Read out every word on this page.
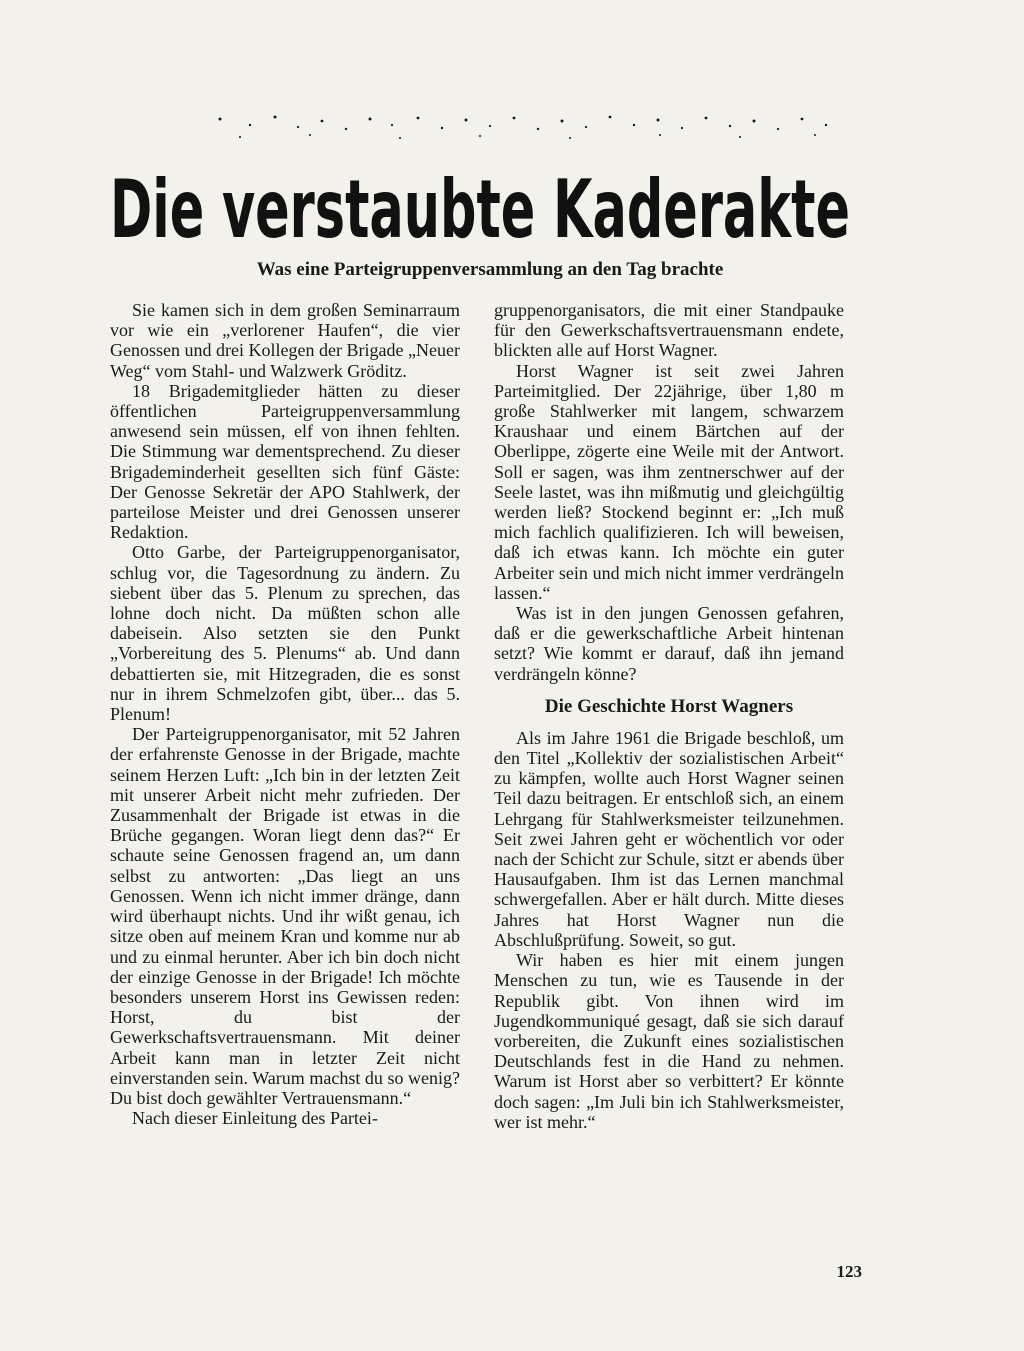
Die verstaubte Kaderakte
Was eine Parteigruppenversammlung an den Tag brachte

Sie kamen sich in dem großen Seminarraum vor wie ein „verlorener Haufen“, die vier Genossen und drei Kollegen der Brigade „Neuer Weg“ vom Stahl- und Walzwerk Gröditz.

18 Brigademitglieder hätten zu dieser öffentlichen Parteigruppenversammlung anwesend sein müssen, elf von ihnen fehlten. Die Stimmung war dementsprechend. Zu dieser Brigademinderheit gesellten sich fünf Gäste: Der Genosse Sekretär der APO Stahlwerk, der parteilose Meister und drei Genossen unserer Redaktion.

Otto Garbe, der Parteigruppenorganisator, schlug vor, die Tagesordnung zu ändern. Zu siebent über das 5. Plenum zu sprechen, das lohne doch nicht. Da müßten schon alle dabeisein. Also setzten sie den Punkt „Vorbereitung des 5. Plenums“ ab. Und dann debattierten sie, mit Hitzegraden, die es sonst nur in ihrem Schmelzofen gibt, über... das 5. Plenum!

Der Parteigruppenorganisator, mit 52 Jahren der erfahrenste Genosse in der Brigade, machte seinem Herzen Luft: „Ich bin in der letzten Zeit mit unserer Arbeit nicht mehr zufrieden. Der Zusammenhalt der Brigade ist etwas in die Brüche gegangen. Woran liegt denn das?“ Er schaute seine Genossen fragend an, um dann selbst zu antworten: „Das liegt an uns Genossen. Wenn ich nicht immer dränge, dann wird überhaupt nichts. Und ihr wißt genau, ich sitze oben auf meinem Kran und komme nur ab und zu einmal herunter. Aber ich bin doch nicht der einzige Genosse in der Brigade! Ich möchte besonders unserem Horst ins Gewissen reden: Horst, du bist der Gewerkschaftsvertrauensmann. Mit deiner Arbeit kann man in letzter Zeit nicht einverstanden sein. Warum machst du so wenig? Du bist doch gewählter Vertrauensmann.“

Nach dieser Einleitung des Partei-

gruppenorganisators, die mit einer Standpauke für den Gewerkschaftsvertrauensmann endete, blickten alle auf Horst Wagner.

Horst Wagner ist seit zwei Jahren Parteimitglied. Der 22jährige, über 1,80 m große Stahlwerker mit langem, schwarzem Kraushaar und einem Bärtchen auf der Oberlippe, zögerte eine Weile mit der Antwort. Soll er sagen, was ihm zentnerschwer auf der Seele lastet, was ihn mißmutig und gleichgültig werden ließ? Stockend beginnt er: „Ich muß mich fachlich qualifizieren. Ich will beweisen, daß ich etwas kann. Ich möchte ein guter Arbeiter sein und mich nicht immer verdrängeln lassen.“

Was ist in den jungen Genossen gefahren, daß er die gewerkschaftliche Arbeit hintenan setzt? Wie kommt er darauf, daß ihn jemand verdrängeln könne?

Die Geschichte Horst Wagners

Als im Jahre 1961 die Brigade beschloß, um den Titel „Kollektiv der sozialistischen Arbeit“ zu kämpfen, wollte auch Horst Wagner seinen Teil dazu beitragen. Er entschloß sich, an einem Lehrgang für Stahlwerksmeister teilzunehmen. Seit zwei Jahren geht er wöchentlich vor oder nach der Schicht zur Schule, sitzt er abends über Hausaufgaben. Ihm ist das Lernen manchmal schwergefallen. Aber er hält durch. Mitte dieses Jahres hat Horst Wagner nun die Abschlußprüfung. Soweit, so gut.

Wir haben es hier mit einem jungen Menschen zu tun, wie es Tausende in der Republik gibt. Von ihnen wird im Jugendkommuniqué gesagt, daß sie sich darauf vorbereiten, die Zukunft eines sozialistischen Deutschlands fest in die Hand zu nehmen. Warum ist Horst aber so verbittert? Er könnte doch sagen: „Im Juli bin ich Stahlwerksmeister, wer ist mehr.“

123
